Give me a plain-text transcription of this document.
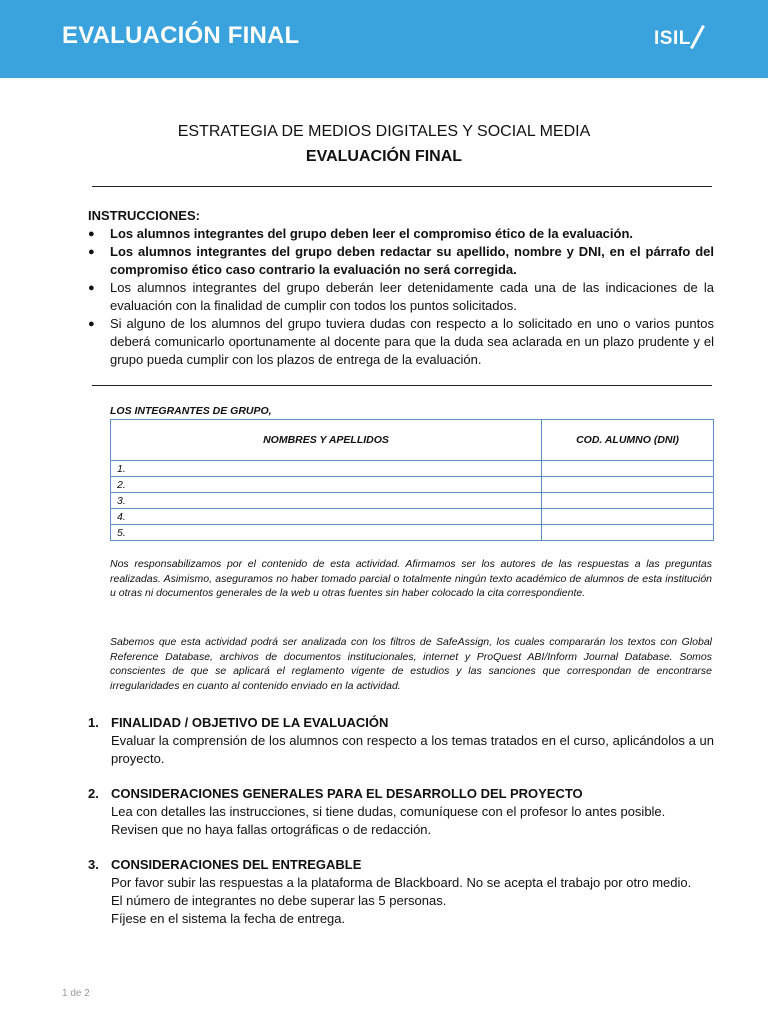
EVALUACIÓN FINAL	ISIL
ESTRATEGIA DE MEDIOS DIGITALES Y SOCIAL MEDIA
EVALUACIÓN FINAL
INSTRUCCIONES:
● Los alumnos integrantes del grupo deben leer el compromiso ético de la evaluación.
● Los alumnos integrantes del grupo deben redactar su apellido, nombre y DNI, en el párrafo del compromiso ético caso contrario la evaluación no será corregida.
● Los alumnos integrantes del grupo deberán leer detenidamente cada una de las indicaciones de la evaluación con la finalidad de cumplir con todos los puntos solicitados.
● Si alguno de los alumnos del grupo tuviera dudas con respecto a lo solicitado en uno o varios puntos deberá comunicarlo oportunamente al docente para que la duda sea aclarada en un plazo prudente y el grupo pueda cumplir con los plazos de entrega de la evaluación.
LOS INTEGRANTES DE GRUPO,
NOMBRES Y APELLIDOS	COD. ALUMNO (DNI)
1.	
2.	
3.	
4.	
5.	
Nos responsabilizamos por el contenido de esta actividad. Afirmamos ser los autores de las respuestas a las preguntas realizadas. Asimismo, aseguramos no haber tomado parcial o totalmente ningún texto académico de alumnos de esta institución u otras ni documentos generales de la web u otras fuentes sin haber colocado la cita correspondiente.
Sabemos que esta actividad podrá ser analizada con los filtros de SafeAssign, los cuales compararán los textos con Global Reference Database, archivos de documentos institucionales, internet y ProQuest ABI/Inform Journal Database. Somos conscientes de que se aplicará el reglamento vigente de estudios y las sanciones que correspondan de encontrarse irregularidades en cuanto al contenido enviado en la actividad.
1. FINALIDAD / OBJETIVO DE LA EVALUACIÓN
Evaluar la comprensión de los alumnos con respecto a los temas tratados en el curso, aplicándolos a un proyecto.
2. CONSIDERACIONES GENERALES PARA EL DESARROLLO DEL PROYECTO
Lea con detalles las instrucciones, si tiene dudas, comuníquese con el profesor lo antes posible.
Revisen que no haya fallas ortográficas o de redacción.
3. CONSIDERACIONES DEL ENTREGABLE
Por favor subir las respuestas a la plataforma de Blackboard. No se acepta el trabajo por otro medio.
El número de integrantes no debe superar las 5 personas.
Fíjese en el sistema la fecha de entrega.
1 de 2
